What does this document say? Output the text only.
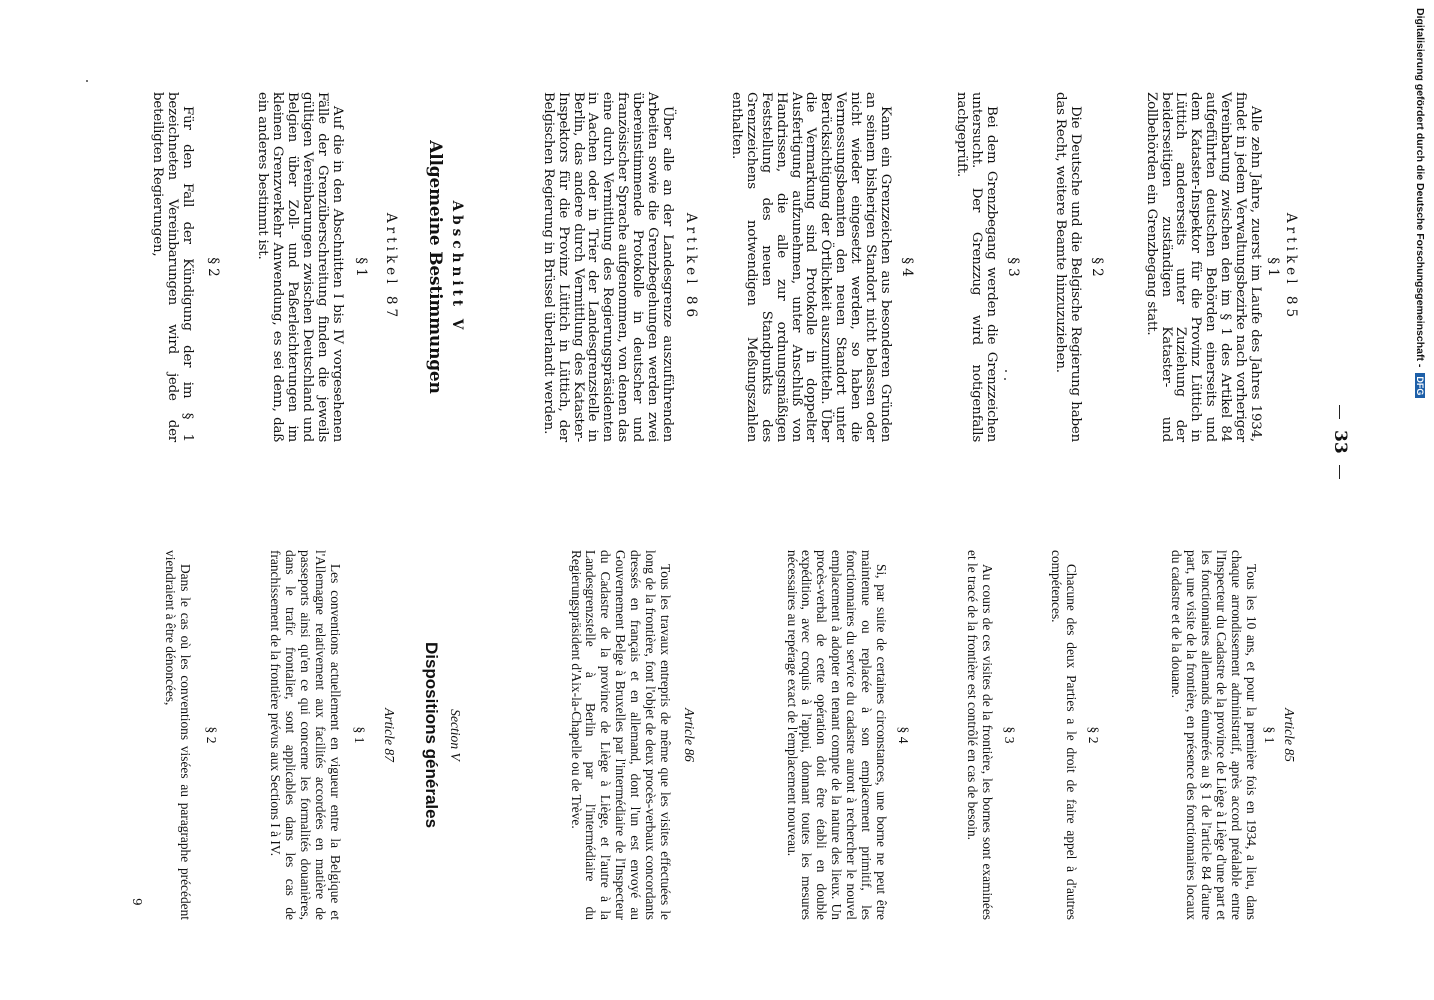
33
Artikel 85
§ 1
Alle zehn Jahre, zuerst im Laufe des Jahres 1934, findet in jedem Verwaltungsbezirke nach vorheriger Vereinbarung zwischen den im § 1 des Artikel 84 aufgeführten deutschen Behörden einerseits und dem Kataster-Inspektor für die Provinz Lüttich in Lüttich andererseits unter Zuziehung der beiderseitigen zuständigen Kataster- und Zollbehörden ein Grenzbegang statt.
§ 2
Die Deutsche und die Belgische Regierung haben das Recht, weitere Beamte hinzuzuziehen.
§ 3
Bei dem Grenzbegang werden die Grenzzeichen untersucht. Der Grenzzug wird notigenfalls nachgeprüft.
§ 4
Kann ein Grenzzeichen aus besonderen Gründen an seinem bisherigen Standort nicht belassen oder nicht wieder eingesetzt werden, so haben die Vermessungsbeamten den neuen Standort unter Berücksichtigung der Örtlichkeit auszumitteln. Über die Vermarkung sind Protokolle in doppelter Ausfertigung aufzunehmen, unter Anschluß von Handrissen, die alle zur ordnungsmäßigen Feststellung des neuen Standpunkts des Grenzzeichens notwendigen Meßungszahlen enthalten.
Artikel 86
Über alle an der Landesgrenze auszuführenden Arbeiten sowie die Grenzbegehungen werden zwei übereinstimmende Protokolle in deutscher und französischer Sprache aufgenommen, von denen das eine durch Vermittlung des Regierungspräsidenten in Aachen oder in Trier der Landesgrenzstelle in Berlin, das andere durch Vermittlung des Kataster-Inspektors für die Provinz Lüttich in Lüttich, der Belgischen Regierung in Brüssel überlandt werden.
Abschnitt V
Allgemeine Bestimmungen
Artikel 87
§ 1
Auf die in den Abschnitten I bis IV vorgesehenen Fälle der Grenzüberschreitung finden die jeweils gültigen Vereinbarungen zwischen Deutschland und Belgien über Zoll- und Paßerleichterungen im kleinen Grenzverkehr Anwendung, es sei denn, daß ein anderes bestimmt ist.
§ 2
Für den Fall der Kündigung der im § 1 bezeichneten Vereinbarungen wird jede der beteiligten Regierungen,
Article 85
§ 1
Tous les 10 ans, et pour la première fois en 1934, a lieu, dans chaque arrondissement administratif, après accord préalable entre l'Inspecteur du Cadastre de la province de Liège à Liège d'une part et les fonctionnaires allemands énumérés au § 1 de l'article 84 d'autre part, une visite de la frontière, en présence des fonctionnaires locaux du cadastre et de la douane.
§ 2
Chacune des deux Parties a le droit de faire appel à d'autres compétences.
§ 3
Au cours de ces visites de la frontière, les bornes sont examinées et le tracé de la frontière est contrôlé en cas de besoin.
§ 4
Si, par suite de certaines circonstances, une borne ne peut être maintenue ou replacée à son emplacement primitif, les fonctionnaires du service du cadastre auront à rechercher le nouvel emplacement à adopter en tenant compte de la nature des lieux. Un procès-verbal de cette opération doit être établi en double expédition, avec croquis à l'appui, donnant toutes les mesures nécessaires au repérage exact de l'emplacement nouveau.
Article 86
Tous les travaux entrepris de même que les visites effectuées le long de la frontière, font l'objet de deux procès-verbaux concordants dressés en français et en allemand, dont l'un est envoyé au Gouvernement Belge à Bruxelles par l'intermédiaire de l'Inspecteur du Cadastre de la province de Liège à Liège, et l'autre à la Landesgrenzstelle à Berlin par l'intermédiaire du Regierungspräsident d'Aix-la-Chapelle ou de Trève.
Section V
Dispositions générales
Article 87
§ 1
Les conventions actuellement en vigueur entre la Belgique et l'Allemagne relativement aux facilités accordées en matière de passeports ainsi qu'en ce qui concerne les formalités douanières, dans le trafic frontalier, sont applicables dans les cas de franchissement de la frontière prévus aux Sections I à IV.
§ 2
Dans le cas où les conventions visées au paragraphe précédent viendraient à être dénoncées,
9
Digitalisierung gefördert durch die Deutsche Forschungsgemeinschaft -
DFG
